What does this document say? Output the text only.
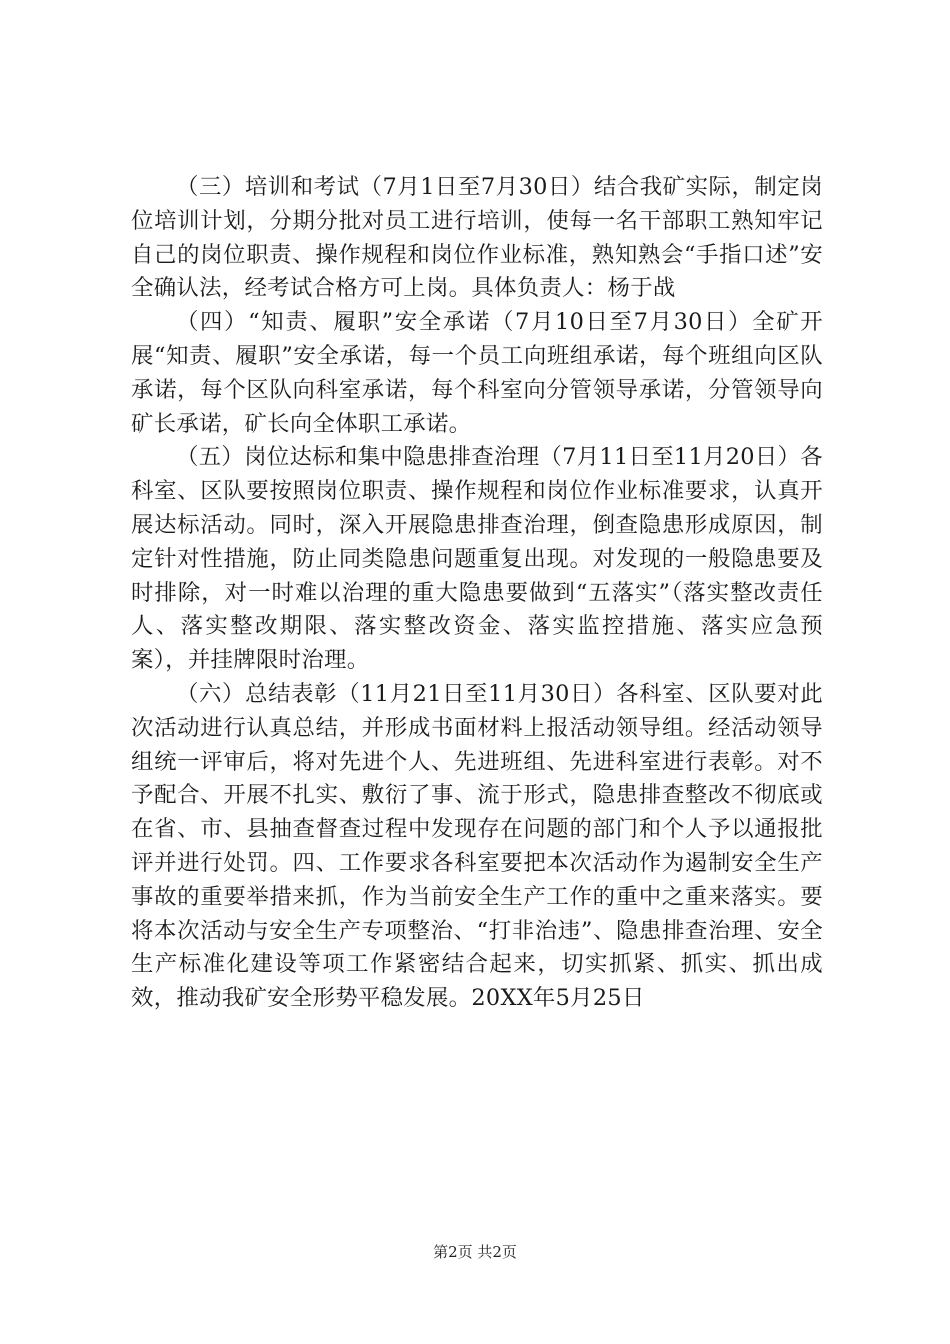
（三）培训和考试（7月1日至7月30日）结合我矿实际，制定岗位培训计划，分期分批对员工进行培训，使每一名干部职工熟知牢记自己的岗位职责、操作规程和岗位作业标准，熟知熟会“手指口述”安全确认法，经考试合格方可上岗。具体负责人：杨于战

（四）“知责、履职”安全承诺（7月10日至7月30日）全矿开展“知责、履职”安全承诺，每一个员工向班组承诺，每个班组向区队承诺，每个区队向科室承诺，每个科室向分管领导承诺，分管领导向矿长承诺，矿长向全体职工承诺。

（五）岗位达标和集中隐患排查治理（7月11日至11月20日）各科室、区队要按照岗位职责、操作规程和岗位作业标准要求，认真开展达标活动。同时，深入开展隐患排查治理，倒查隐患形成原因，制定针对性措施，防止同类隐患问题重复出现。对发现的一般隐患要及时排除，对一时难以治理的重大隐患要做到“五落实”（落实整改责任人、落实整改期限、落实整改资金、落实监控措施、落实应急预案），并挂牌限时治理。

（六）总结表彰（11月21日至11月30日）各科室、区队要对此次活动进行认真总结，并形成书面材料上报活动领导组。经活动领导组统一评审后，将对先进个人、先进班组、先进科室进行表彰。对不予配合、开展不扎实、敷衍了事、流于形式，隐患排查整改不彻底或在省、市、县抽查督查过程中发现存在问题的部门和个人予以通报批评并进行处罚。四、工作要求各科室要把本次活动作为遏制安全生产事故的重要举措来抓，作为当前安全生产工作的重中之重来落实。要将本次活动与安全生产专项整治、“打非治违”、隐患排查治理、安全生产标准化建设等项工作紧密结合起来，切实抓紧、抓实、抓出成效，推动我矿安全形势平稳发展。20XX年5月25日

第2页 共2页
